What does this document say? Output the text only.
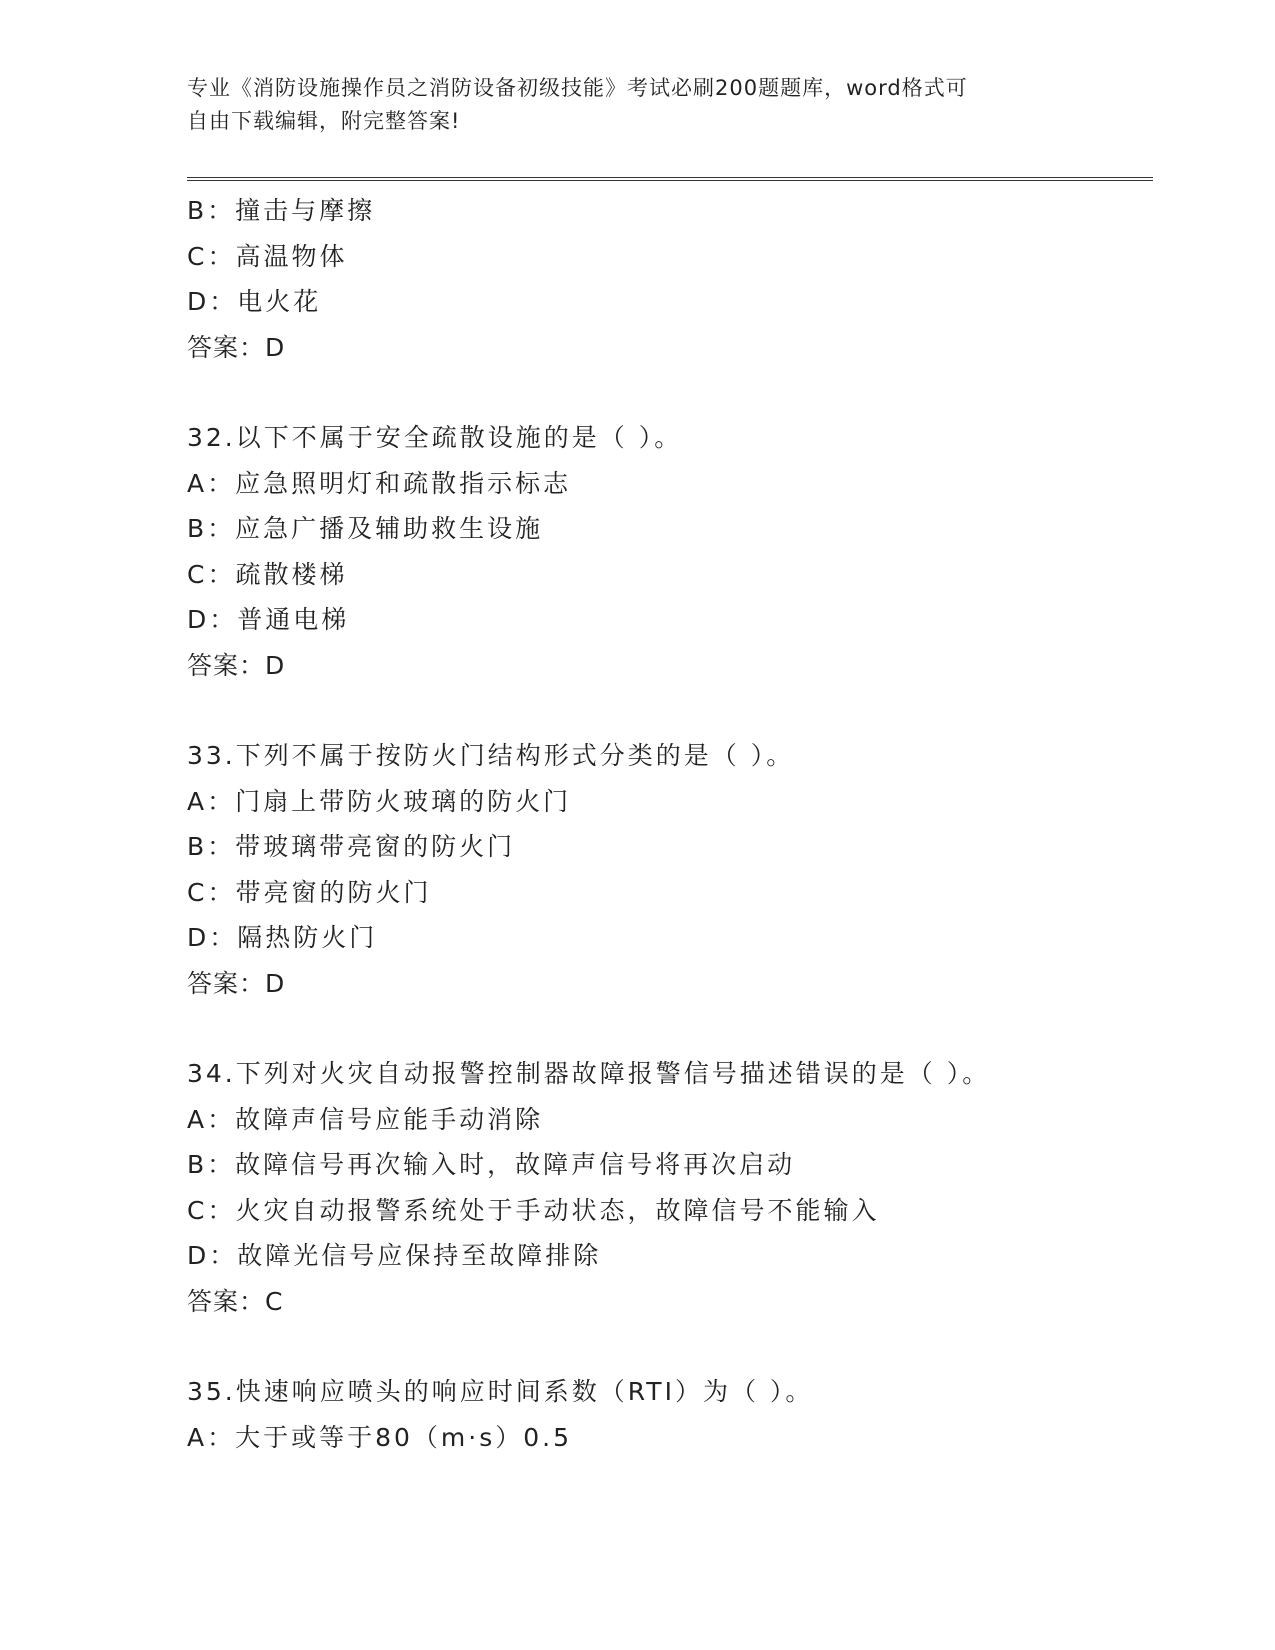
专业《消防设施操作员之消防设备初级技能》考试必刷200题题库，word格式可
自由下载编辑，附完整答案!
B：撞击与摩擦
C：高温物体
D：电火花
答案：D
32.以下不属于安全疏散设施的是（ ）。
A：应急照明灯和疏散指示标志
B：应急广播及辅助救生设施
C：疏散楼梯
D：普通电梯
答案：D
33.下列不属于按防火门结构形式分类的是（ ）。
A：门扇上带防火玻璃的防火门
B：带玻璃带亮窗的防火门
C：带亮窗的防火门
D：隔热防火门
答案：D
34.下列对火灾自动报警控制器故障报警信号描述错误的是（ ）。
A：故障声信号应能手动消除
B：故障信号再次输入时，故障声信号将再次启动
C：火灾自动报警系统处于手动状态，故障信号不能输入
D：故障光信号应保持至故障排除
答案：C
35.快速响应喷头的响应时间系数（RTI）为（ ）。
A：大于或等于80（m·s）0.5
